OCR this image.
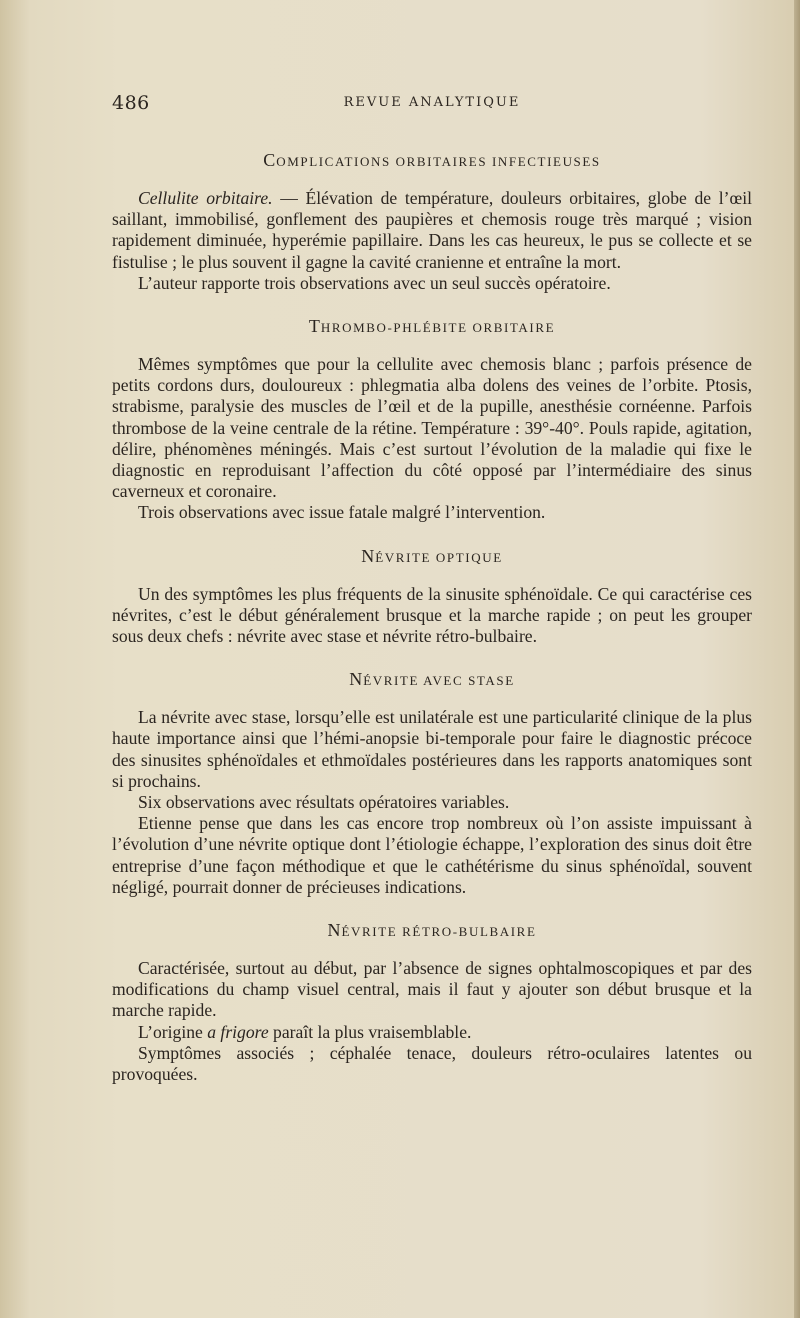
486	REVUE ANALYTIQUE
COMPLICATIONS ORBITAIRES INFECTIEUSES

Cellulite orbitaire. — Élévation de température, douleurs orbitaires, globe de l’œil saillant, immobilisé, gonflement des paupières et chemosis rouge très marqué ; vision rapidement diminuée, hyperémie papillaire. Dans les cas heureux, le pus se collecte et se fistulise ; le plus souvent il gagne la cavité cranienne et entraîne la mort.

L’auteur rapporte trois observations avec un seul succès opératoire.

THROMBO-PHLÉBITE ORBITAIRE

Mêmes symptômes que pour la cellulite avec chemosis blanc ; parfois présence de petits cordons durs, douloureux : phlegmatia alba dolens des veines de l’orbite. Ptosis, strabisme, paralysie des muscles de l’œil et de la pupille, anesthésie cornéenne. Parfois thrombose de la veine centrale de la rétine. Température : 39°-40°. Pouls rapide, agitation, délire, phénomènes méningés. Mais c’est surtout l’évolution de la maladie qui fixe le diagnostic en reproduisant l’affection du côté opposé par l’intermédiaire des sinus caverneux et coronaire.

Trois observations avec issue fatale malgré l’intervention.

NÉVRITE OPTIQUE

Un des symptômes les plus fréquents de la sinusite sphénoïdale. Ce qui caractérise ces névrites, c’est le début généralement brusque et la marche rapide ; on peut les grouper sous deux chefs : névrite avec stase et névrite rétro-bulbaire.

NÉVRITE AVEC STASE

La névrite avec stase, lorsqu’elle est unilatérale est une particularité clinique de la plus haute importance ainsi que l’hémi-anopsie bi-temporale pour faire le diagnostic précoce des sinusites sphénoïdales et ethmoïdales postérieures dans les rapports anatomiques sont si prochains.

Six observations avec résultats opératoires variables.

Etienne pense que dans les cas encore trop nombreux où l’on assiste impuissant à l’évolution d’une névrite optique dont l’étiologie échappe, l’exploration des sinus doit être entreprise d’une façon méthodique et que le cathétérisme du sinus sphénoïdal, souvent négligé, pourrait donner de précieuses indications.

NÉVRITE RÉTRO-BULBAIRE

Caractérisée, surtout au début, par l’absence de signes ophtalmoscopiques et par des modifications du champ visuel central, mais il faut y ajouter son début brusque et la marche rapide.

L’origine a frigore paraît la plus vraisemblable.

Symptômes associés ; céphalée tenace, douleurs rétro-oculaires latentes ou provoquées.
